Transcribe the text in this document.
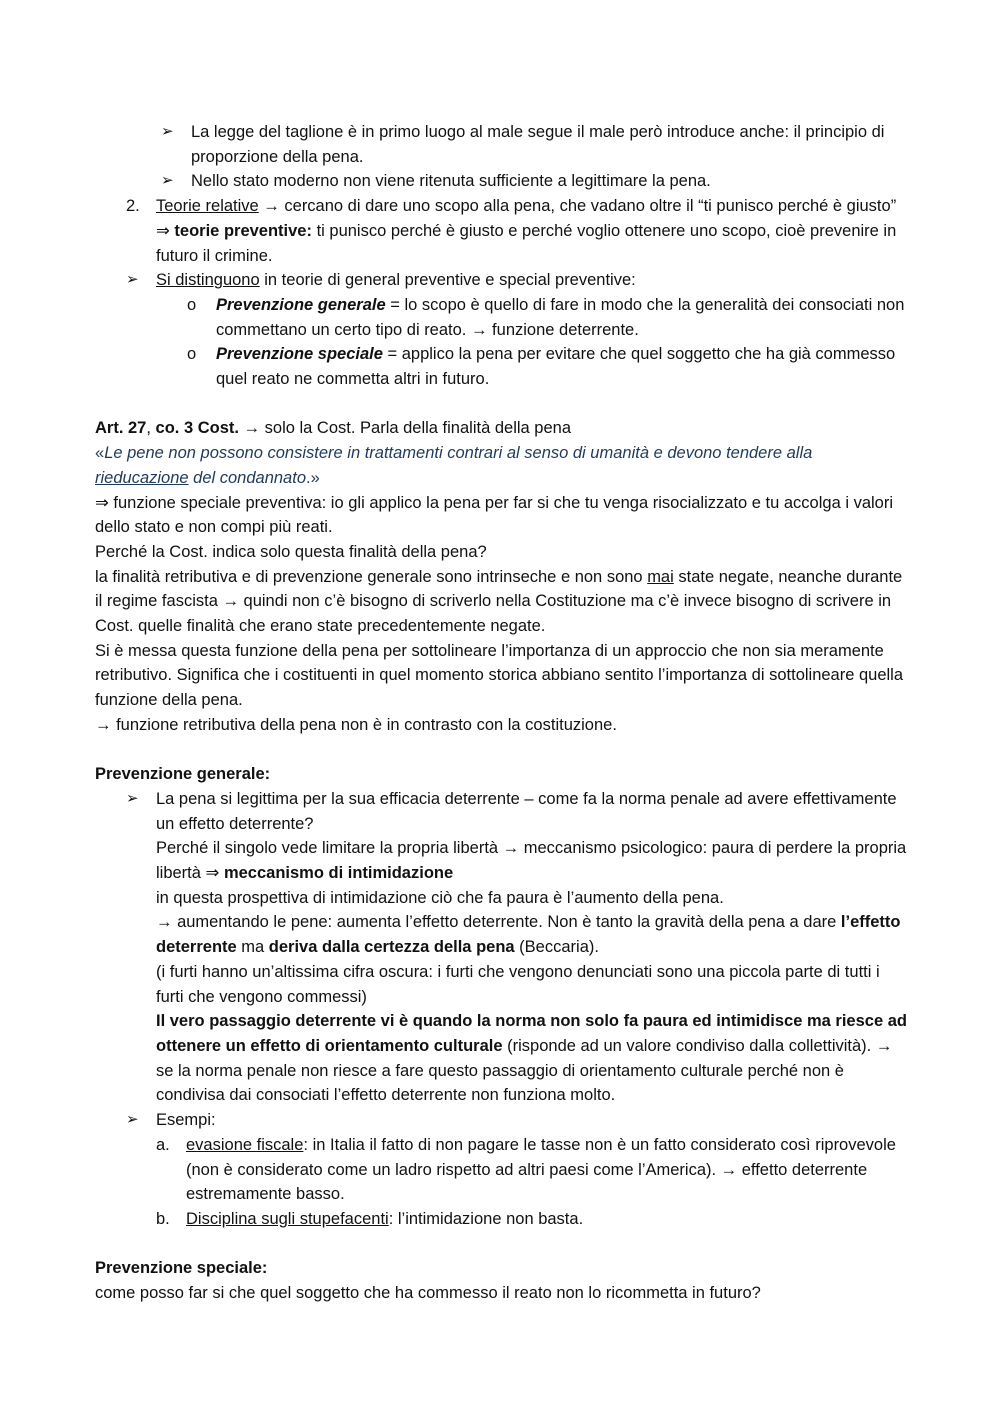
➢ La legge del taglione è in primo luogo al male segue il male però introduce anche: il principio di proporzione della pena.
➢ Nello stato moderno non viene ritenuta sufficiente a legittimare la pena.
2. Teorie relative → cercano di dare uno scopo alla pena, che vadano oltre il “ti punisco perché è giusto” ⇒ teorie preventive: ti punisco perché è giusto e perché voglio ottenere uno scopo, cioè prevenire in futuro il crimine.
➢ Si distinguono in teorie di general preventive e special preventive:
o Prevenzione generale = lo scopo è quello di fare in modo che la generalità dei consociati non commettano un certo tipo di reato. → funzione deterrente.
o Prevenzione speciale = applico la pena per evitare che quel soggetto che ha già commesso quel reato ne commetta altri in futuro.
Art. 27, co. 3 Cost. → solo la Cost. Parla della finalità della pena
«Le pene non possono consistere in trattamenti contrari al senso di umanità e devono tendere alla rieducazione del condannato.»
⇒ funzione speciale preventiva: io gli applico la pena per far si che tu venga risocializzato e tu accolga i valori dello stato e non compi più reati.
Perché la Cost. indica solo questa finalità della pena?
la finalità retributiva e di prevenzione generale sono intrinseche e non sono mai state negate, neanche durante il regime fascista → quindi non c’è bisogno di scriverlo nella Costituzione ma c’è invece bisogno di scrivere in Cost. quelle finalità che erano state precedentemente negate.
Si è messa questa funzione della pena per sottolineare l’importanza di un approccio che non sia meramente retributivo. Significa che i costituenti in quel momento storica abbiano sentito l’importanza di sottolineare quella funzione della pena.
→ funzione retributiva della pena non è in contrasto con la costituzione.
Prevenzione generale:
➢ La pena si legittima per la sua efficacia deterrente – come fa la norma penale ad avere effettivamente un effetto deterrente?
Perché il singolo vede limitare la propria libertà → meccanismo psicologico: paura di perdere la propria libertà ⇒ meccanismo di intimidazione
in questa prospettiva di intimidazione ciò che fa paura è l’aumento della pena.
→ aumentando le pene: aumenta l’effetto deterrente. Non è tanto la gravità della pena a dare l’effetto deterrente ma deriva dalla certezza della pena (Beccaria).
(i furti hanno un’altissima cifra oscura: i furti che vengono denunciati sono una piccola parte di tutti i furti che vengono commessi)
Il vero passaggio deterrente vi è quando la norma non solo fa paura ed intimidisce ma riesce ad ottenere un effetto di orientamento culturale (risponde ad un valore condiviso dalla collettività). → se la norma penale non riesce a fare questo passaggio di orientamento culturale perché non è condivisa dai consociati l’effetto deterrente non funziona molto.
➢ Esempi:
a. evasione fiscale: in Italia il fatto di non pagare le tasse non è un fatto considerato così riprovevole (non è considerato come un ladro rispetto ad altri paesi come l’America). → effetto deterrente estremamente basso.
b. Disciplina sugli stupefacenti: l’intimidazione non basta.
Prevenzione speciale:
come posso far si che quel soggetto che ha commesso il reato non lo ricommetta in futuro?
